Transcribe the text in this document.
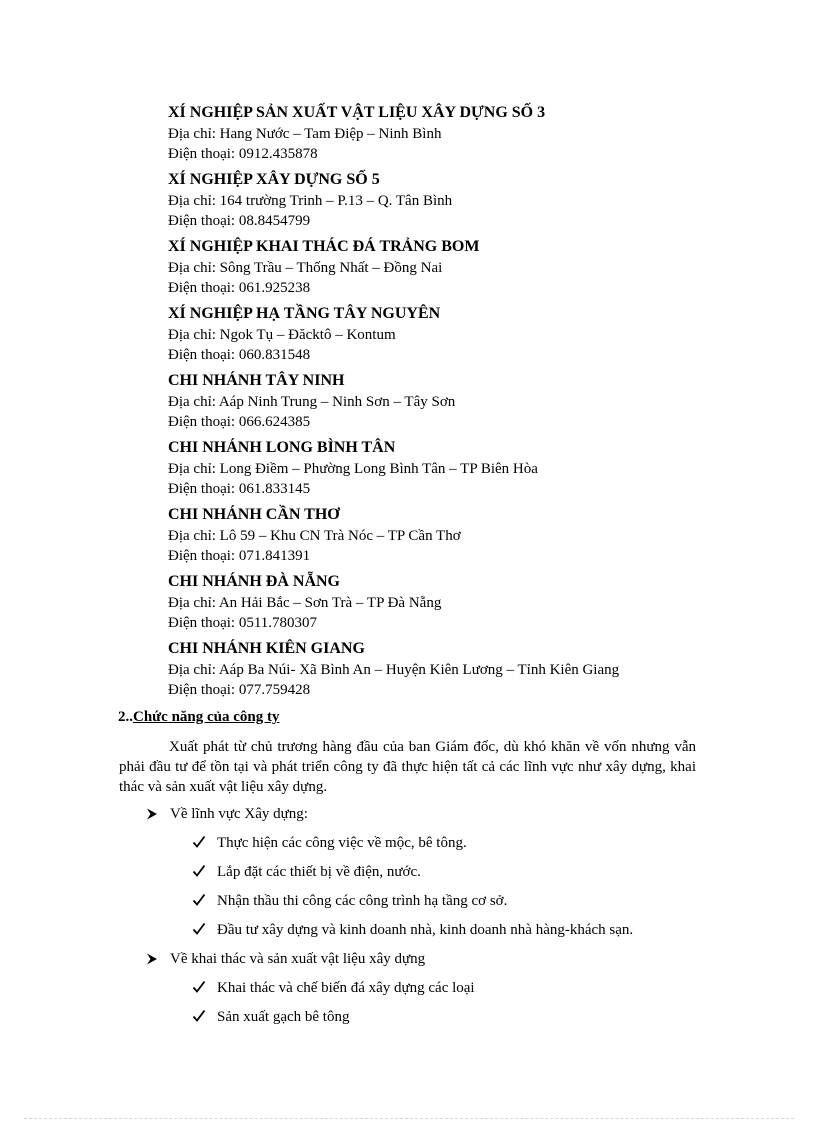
XÍ NGHIỆP SẢN XUẤT VẬT LIỆU XÂY DỰNG SỐ 3
Địa chỉ: Hang Nước – Tam Điệp – Ninh Bình
Điện thoại: 0912.435878
XÍ NGHIỆP XÂY DỰNG SỐ 5
Địa chỉ: 164 trường Trinh – P.13 – Q. Tân Bình
Điện thoại: 08.8454799
XÍ NGHIỆP KHAI THÁC ĐÁ TRẢNG BOM
Địa chỉ: Sông Trầu – Thống Nhất – Đồng Nai
Điện thoại: 061.925238
XÍ NGHIỆP HẠ TẦNG TÂY NGUYÊN
Địa chỉ: Ngok Tụ – Đăcktô – Kontum
Điện thoại: 060.831548
CHI NHÁNH TÂY NINH
Địa chỉ: Aáp Ninh Trung – Ninh Sơn – Tây Sơn
Điện thoại: 066.624385
CHI NHÁNH LONG BÌNH TÂN
Địa chỉ: Long Điềm – Phường Long Bình Tân – TP Biên Hòa
Điện thoại: 061.833145
CHI NHÁNH CẦN THƠ
Địa chỉ: Lô 59 – Khu CN Trà Nóc – TP Cần Thơ
Điện thoại: 071.841391
CHI NHÁNH ĐÀ NẴNG
Địa chỉ: An Hải Bắc – Sơn Trà – TP Đà Nẵng
Điện thoại: 0511.780307
CHI NHÁNH KIÊN GIANG
Địa chỉ: Aáp Ba Núi- Xã Bình An – Huyện Kiên Lương – Tỉnh Kiên Giang
Điện thoại: 077.759428
2..Chức năng của công ty
Xuất phát từ chủ trương hàng đầu của ban Giám đốc, dù khó khăn về vốn nhưng vẫn phải đầu tư để tồn tại và phát triển công ty đã thực hiện tất cả các lĩnh vực như xây dựng, khai thác và sản xuất vật liệu xây dựng.
Về lĩnh vực Xây dựng:
Thực hiện các công việc về mộc, bê tông.
Lắp đặt các thiết bị về điện, nước.
Nhận thầu thi công các công trình hạ tầng cơ sở.
Đầu tư xây dựng và kinh doanh nhà, kinh doanh nhà hàng-khách sạn.
Về khai thác và sản xuất vật liệu xây dựng
Khai thác và chế biến đá xây dựng các loại
Sản xuất gạch bê tông
